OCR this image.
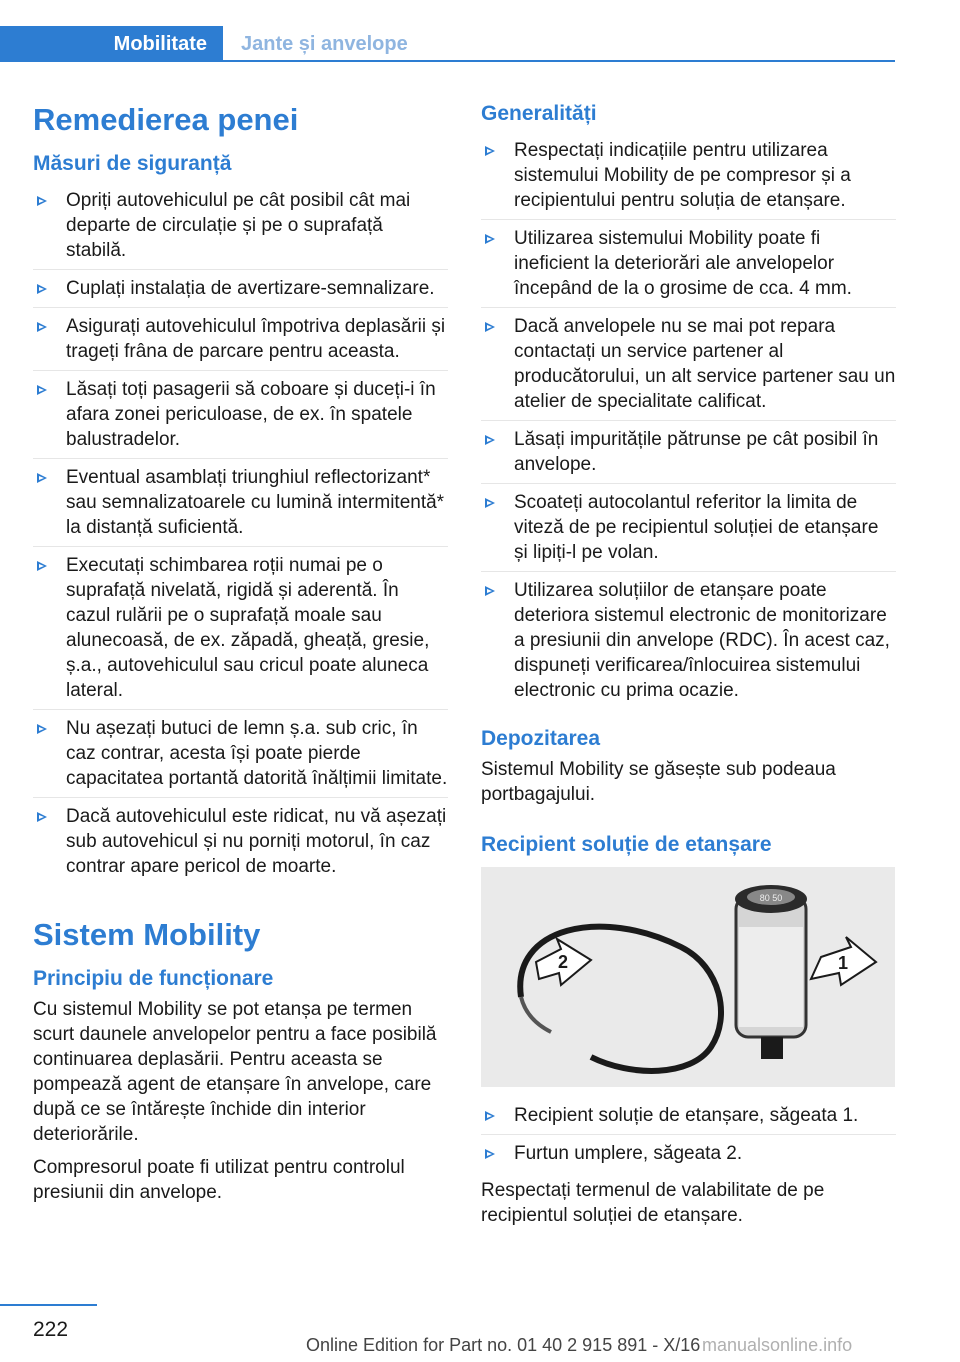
Mobilitate	Jante și anvelope
Remedierea penei
Măsuri de siguranță
Opriți autovehiculul pe cât posibil cât mai departe de circulație și pe o suprafață stabilă.
Cuplați instalația de avertizare-semnalizare.
Asigurați autovehiculul împotriva deplasării și trageți frâna de parcare pentru aceasta.
Lăsați toți pasagerii să coboare și duceți-i în afara zonei periculoase, de ex. în spatele balustradelor.
Eventual asamblați triunghiul reflectorizant* sau semnalizatoarele cu lumină intermitentă* la distanță suficientă.
Executați schimbarea roții numai pe o suprafață nivelată, rigidă și aderentă. În cazul rulării pe o suprafață moale sau alunecoasă, de ex. zăpadă, gheață, gresie, ș.a., autovehiculul sau cricul poate aluneca lateral.
Nu așezați butuci de lemn ș.a. sub cric, în caz contrar, acesta își poate pierde capacitatea portantă datorită înălțimii limitate.
Dacă autovehiculul este ridicat, nu vă așezați sub autovehicul și nu porniți motorul, în caz contrar apare pericol de moarte.
Sistem Mobility
Principiu de funcționare

Cu sistemul Mobility se pot etanșa pe termen scurt daunele anvelopelor pentru a face posibilă continuarea deplasării. Pentru aceasta se pompează agent de etanșare în anvelope, care după ce se întărește închide din interior deteriorările.

Compresorul poate fi utilizat pentru controlul presiunii din anvelope.

Generalități
Respectați indicațiile pentru utilizarea sistemului Mobility de pe compresor și a recipientului pentru soluția de etanșare.
Utilizarea sistemului Mobility poate fi ineficient la deteriorări ale anvelopelor începând de la o grosime de cca. 4 mm.
Dacă anvelopele nu se mai pot repara contactați un service partener al producătorului, un alt service partener sau un atelier de specialitate calificat.
Lăsați impuritățile pătrunse pe cât posibil în anvelope.
Scoateți autocolantul referitor la limita de viteză de pe recipientul soluției de etanșare și lipiți-l pe volan.
Utilizarea soluțiilor de etanșare poate deteriora sistemul electronic de monitorizare a presiunii din anvelope (RDC). În acest caz, dispuneți verificarea/înlocuirea sistemului electronic cu prima ocazie.
Depozitarea

Sistemul Mobility se găsește sub podeaua portbagajului.

Recipient soluție de etanșare
80 50
1
2
Recipient soluție de etanșare, săgeata 1.
Furtun umplere, săgeata 2.

Respectați termenul de valabilitate de pe recipientul soluției de etanșare.

222
Online Edition for Part no. 01 40 2 915 891 - X/16 manualsonline.info
